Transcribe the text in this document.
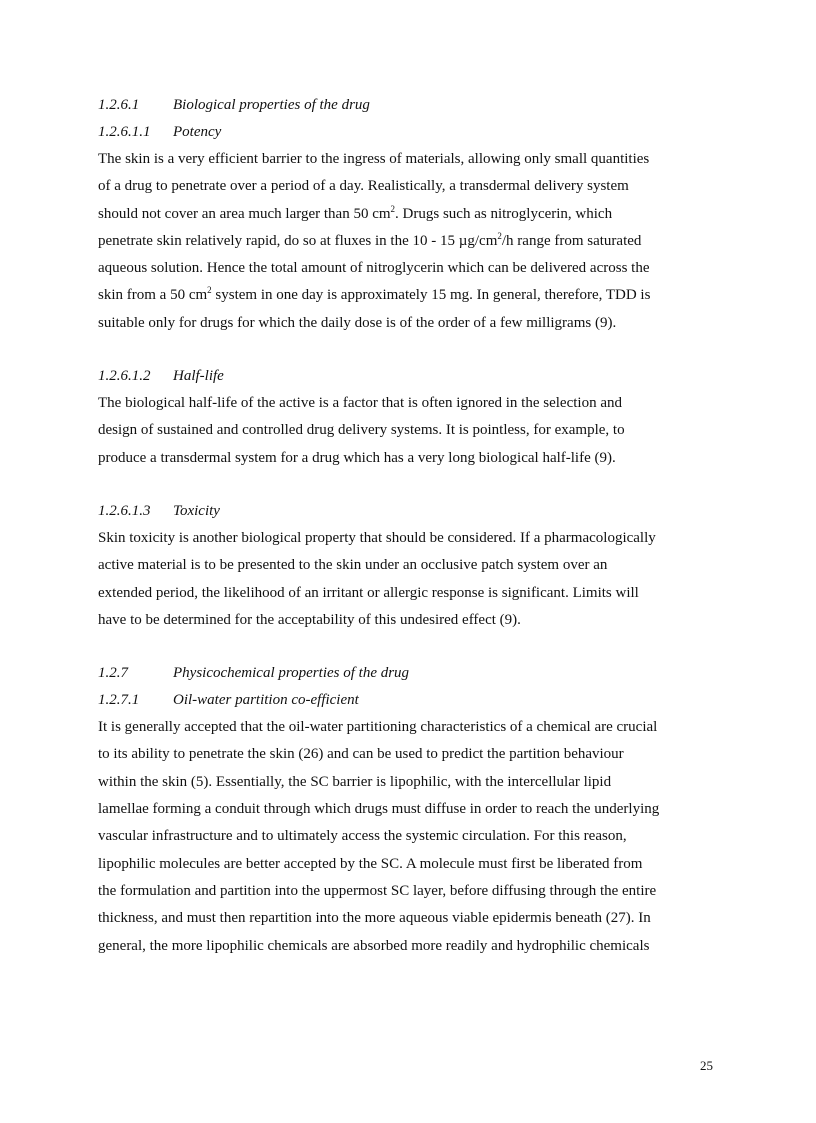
1.2.6.1 Biological properties of the drug
1.2.6.1.1 Potency
The skin is a very efficient barrier to the ingress of materials, allowing only small quantities
of a drug to penetrate over a period of a day. Realistically, a transdermal delivery system
should not cover an area much larger than 50 $cm^2$. Drugs such as nitroglycerin, which
penetrate skin relatively rapid, do so at fluxes in the 10 - 15 $\mu g/cm^2/h$ range from saturated
aqueous solution. Hence the total amount of nitroglycerin which can be delivered across the
skin from a 50 $cm^2$ system in one day is approximately 15 mg. In general, therefore, TDD is
suitable only for drugs for which the daily dose is of the order of a few milligrams (9).
1.2.6.1.2 Half-life
The biological half-life of the active is a factor that is often ignored in the selection and
design of sustained and controlled drug delivery systems. It is pointless, for example, to
produce a transdermal system for a drug which has a very long biological half-life (9).
1.2.6.1.3 Toxicity
Skin toxicity is another biological property that should be considered. If a pharmacologically
active material is to be presented to the skin under an occlusive patch system over an
extended period, the likelihood of an irritant or allergic response is significant. Limits will
have to be determined for the acceptability of this undesired effect (9).
1.2.7	Physicochemical properties of the drug
1.2.7.1 Oil-water partition co-efficient
It is generally accepted that the oil-water partitioning characteristics of a chemical are crucial
to its ability to penetrate the skin (26) and can be used to predict the partition behaviour
within the skin (5). Essentially, the SC barrier is lipophilic, with the intercellular lipid
lamellae forming a conduit through which drugs must diffuse in order to reach the underlying
vascular infrastructure and to ultimately access the systemic circulation. For this reason,
lipophilic molecules are better accepted by the SC. A molecule must first be liberated from
the formulation and partition into the uppermost SC layer, before diffusing through the entire
thickness, and must then repartition into the more aqueous viable epidermis beneath (27). In
general, the more lipophilic chemicals are absorbed more readily and hydrophilic chemicals
25
